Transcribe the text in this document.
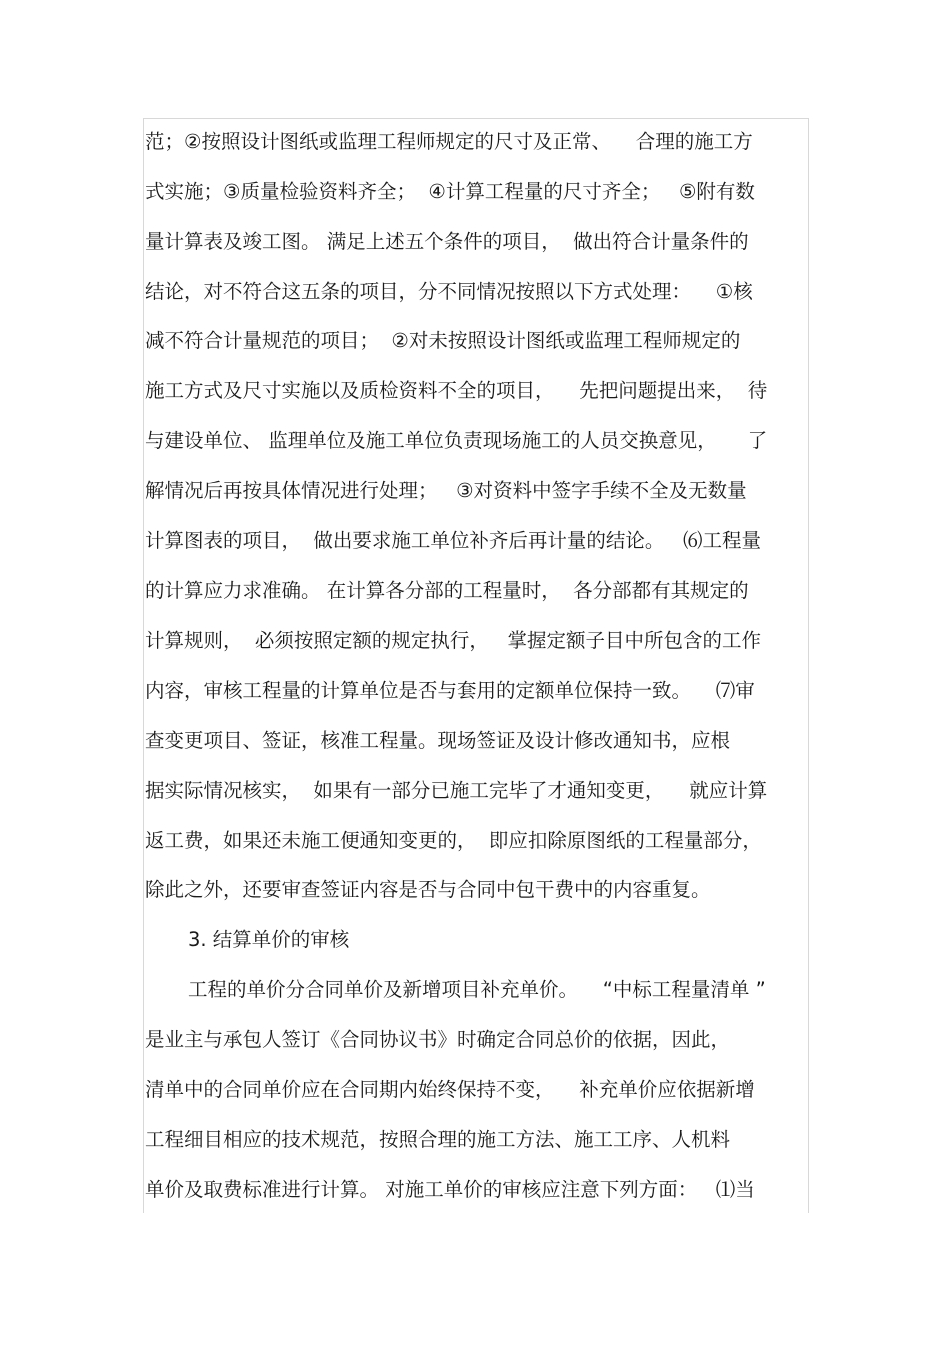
范；②按照设计图纸或监理工程师规定的尺寸及正常、    合理的施工方
式实施；③质量检验资料齐全；  ④计算工程量的尺寸齐全；   ⑤附有数
量计算表及竣工图。 满足上述五个条件的项目，  做出符合计量条件的
结论，对不符合这五条的项目，分不同情况按照以下方式处理：    ①核
减不符合计量规范的项目；  ②对未按照设计图纸或监理工程师规定的
施工方式及尺寸实施以及质检资料不全的项目，    先把问题提出来，  待
与建设单位、 监理单位及施工单位负责现场施工的人员交换意见，     了
解情况后再按具体情况进行处理；   ③对资料中签字手续不全及无数量
计算图表的项目，  做出要求施工单位补齐后再计量的结论。   ⑹工程量
的计算应力求准确。 在计算各分部的工程量时，  各分部都有其规定的
计算规则，  必须按照定额的规定执行，   掌握定额子目中所包含的工作
内容，审核工程量的计算单位是否与套用的定额单位保持一致。    ⑺审
查变更项目、签证，核准工程量。现场签证及设计修改通知书，应根
据实际情况核实，  如果有一部分已施工完毕了才通知变更，    就应计算
返工费，如果还未施工便通知变更的，  即应扣除原图纸的工程量部分，
除此之外，还要审查签证内容是否与合同中包干费中的内容重复。
3. 结算单价的审核
工程的单价分合同单价及新增项目补充单价。    “中标工程量清单 ”
是业主与承包人签订《合同协议书》时确定合同总价的依据，因此，
清单中的合同单价应在合同期内始终保持不变，    补充单价应依据新增
工程细目相应的技术规范，按照合理的施工方法、施工工序、人机料
单价及取费标准进行计算。 对施工单价的审核应注意下列方面：   ⑴当
